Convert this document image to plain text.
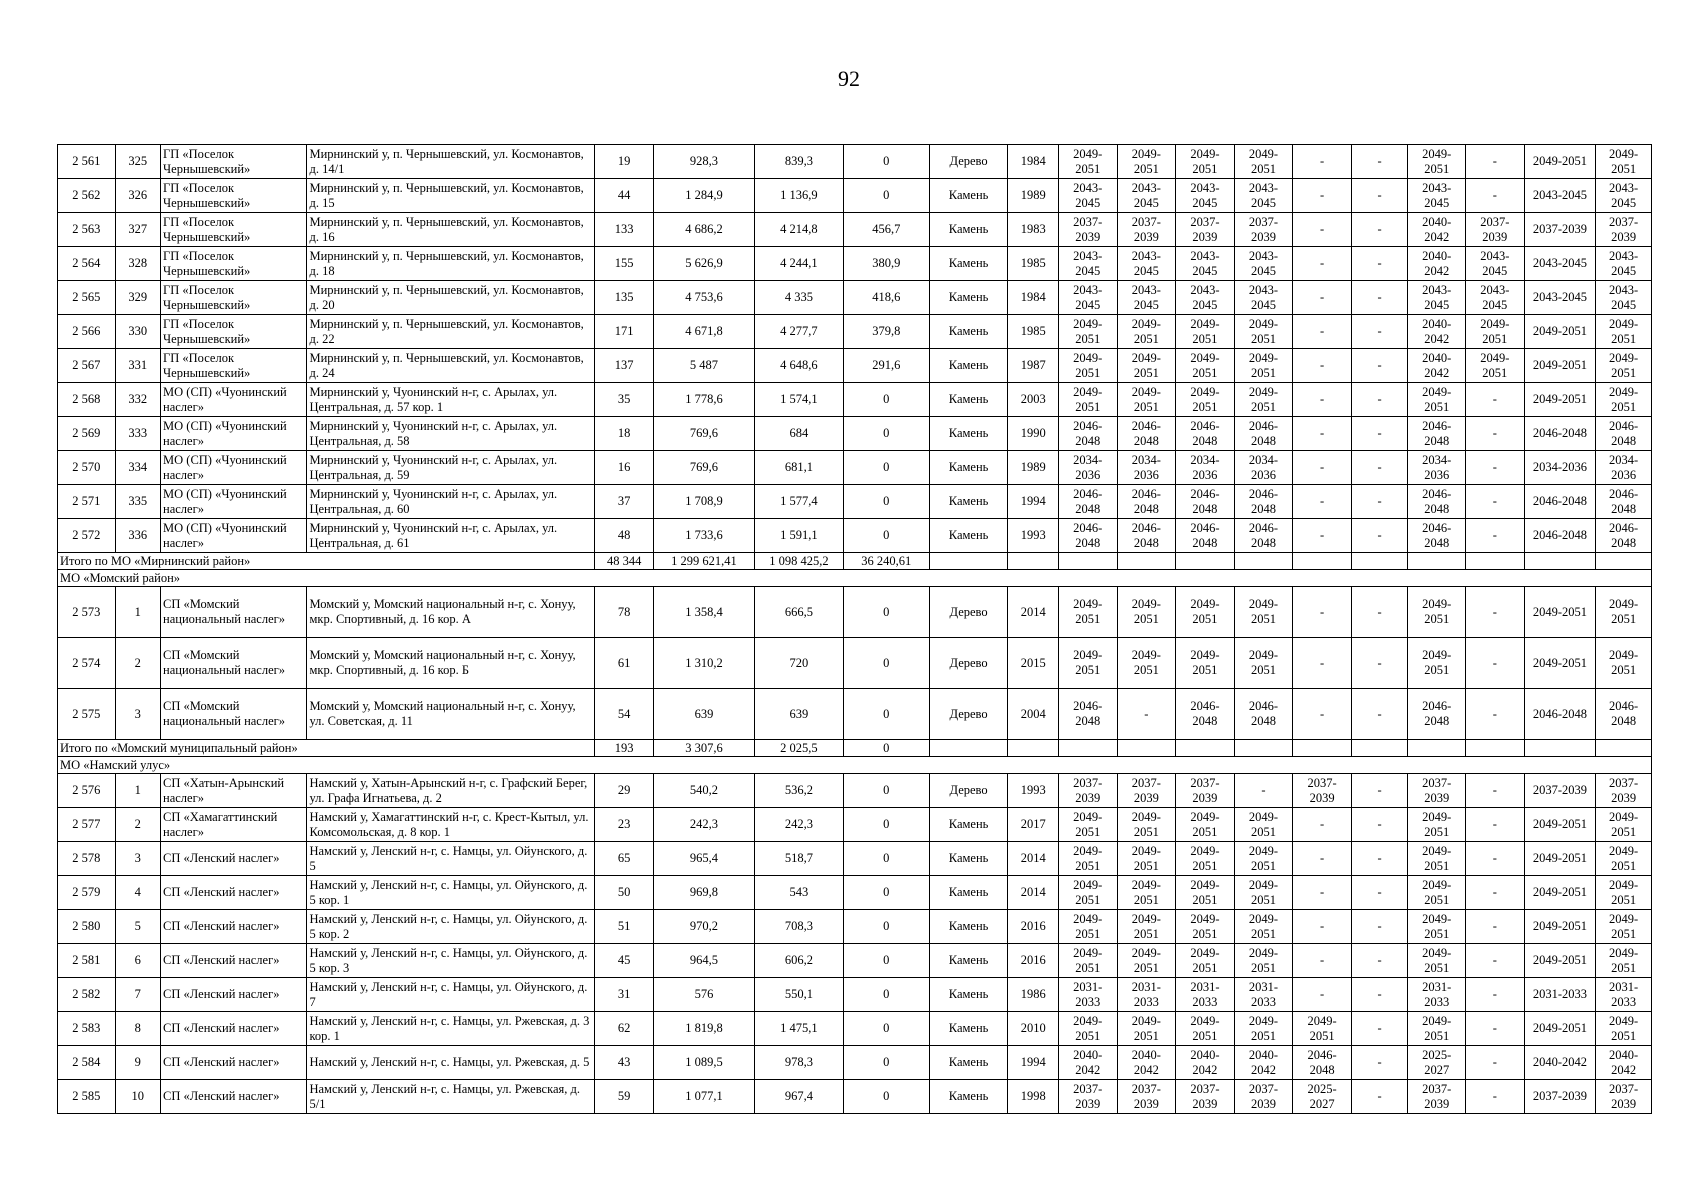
92
2 561	325	ГП «Поселок Чернышевский»	Мирнинский у, п. Чернышевский, ул. Космонавтов, д. 14/1	19	928,3	839,3	0	Дерево	1984	2049-2051	2049-2051	2049-2051	2049-2051	-	-	2049-2051	-	2049-2051	2049-2051
2 562	326	ГП «Поселок Чернышевский»	Мирнинский у, п. Чернышевский, ул. Космонавтов, д. 15	44	1 284,9	1 136,9	0	Камень	1989	2043-2045	2043-2045	2043-2045	2043-2045	-	-	2043-2045	-	2043-2045	2043-2045
2 563	327	ГП «Поселок Чернышевский»	Мирнинский у, п. Чернышевский, ул. Космонавтов, д. 16	133	4 686,2	4 214,8	456,7	Камень	1983	2037-2039	2037-2039	2037-2039	2037-2039	-	-	2040-2042	2037-2039	2037-2039	2037-2039
2 564	328	ГП «Поселок Чернышевский»	Мирнинский у, п. Чернышевский, ул. Космонавтов, д. 18	155	5 626,9	4 244,1	380,9	Камень	1985	2043-2045	2043-2045	2043-2045	2043-2045	-	-	2040-2042	2043-2045	2043-2045	2043-2045
2 565	329	ГП «Поселок Чернышевский»	Мирнинский у, п. Чернышевский, ул. Космонавтов, д. 20	135	4 753,6	4 335	418,6	Камень	1984	2043-2045	2043-2045	2043-2045	2043-2045	-	-	2043-2045	2043-2045	2043-2045	2043-2045
2 566	330	ГП «Поселок Чернышевский»	Мирнинский у, п. Чернышевский, ул. Космонавтов, д. 22	171	4 671,8	4 277,7	379,8	Камень	1985	2049-2051	2049-2051	2049-2051	2049-2051	-	-	2040-2042	2049-2051	2049-2051	2049-2051
2 567	331	ГП «Поселок Чернышевский»	Мирнинский у, п. Чернышевский, ул. Космонавтов, д. 24	137	5 487	4 648,6	291,6	Камень	1987	2049-2051	2049-2051	2049-2051	2049-2051	-	-	2040-2042	2049-2051	2049-2051	2049-2051
2 568	332	МО (СП) «Чуонинский наслег»	Мирнинский у, Чуонинский н-г, с. Арылах, ул. Центральная, д. 57 кор. 1	35	1 778,6	1 574,1	0	Камень	2003	2049-2051	2049-2051	2049-2051	2049-2051	-	-	2049-2051	-	2049-2051	2049-2051
2 569	333	МО (СП) «Чуонинский наслег»	Мирнинский у, Чуонинский н-г, с. Арылах, ул. Центральная, д. 58	18	769,6	684	0	Камень	1990	2046-2048	2046-2048	2046-2048	2046-2048	-	-	2046-2048	-	2046-2048	2046-2048
2 570	334	МО (СП) «Чуонинский наслег»	Мирнинский у, Чуонинский н-г, с. Арылах, ул. Центральная, д. 59	16	769,6	681,1	0	Камень	1989	2034-2036	2034-2036	2034-2036	2034-2036	-	-	2034-2036	-	2034-2036	2034-2036
2 571	335	МО (СП) «Чуонинский наслег»	Мирнинский у, Чуонинский н-г, с. Арылах, ул. Центральная, д. 60	37	1 708,9	1 577,4	0	Камень	1994	2046-2048	2046-2048	2046-2048	2046-2048	-	-	2046-2048	-	2046-2048	2046-2048
2 572	336	МО (СП) «Чуонинский наслег»	Мирнинский у, Чуонинский н-г, с. Арылах, ул. Центральная, д. 61	48	1 733,6	1 591,1	0	Камень	1993	2046-2048	2046-2048	2046-2048	2046-2048	-	-	2046-2048	-	2046-2048	2046-2048
Итого по МО «Мирнинский район»				48 344	1 299 621,41	1 098 425,2	36 240,61												
МО «Момский район»																			
2 573	1	СП «Момский национальный наслег»	Момский у, Момский национальный н-г, с. Хонуу, мкр. Спортивный, д. 16 кор. А	78	1 358,4	666,5	0	Дерево	2014	2049-2051	2049-2051	2049-2051	2049-2051	-	-	2049-2051	-	2049-2051	2049-2051
2 574	2	СП «Момский национальный наслег»	Момский у, Момский национальный н-г, с. Хонуу, мкр. Спортивный, д. 16 кор. Б	61	1 310,2	720	0	Дерево	2015	2049-2051	2049-2051	2049-2051	2049-2051	-	-	2049-2051	-	2049-2051	2049-2051
2 575	3	СП «Момский национальный наслег»	Момский у, Момский национальный н-г, с. Хонуу, ул. Советская, д. 11	54	639	639	0	Дерево	2004	2046-2048	-	2046-2048	2046-2048	-	-	2046-2048	-	2046-2048	2046-2048
Итого по «Момский муниципальный район»				193	3 307,6	2 025,5	0												
МО «Намский улус»																			
2 576	1	СП «Хатын-Арынский наслег»	Намский у, Хатын-Арынский н-г, с. Графский Берег, ул. Графа Игнатьева, д. 2	29	540,2	536,2	0	Дерево	1993	2037-2039	2037-2039	2037-2039	-	2037-2039	-	2037-2039	-	2037-2039	2037-2039
2 577	2	СП «Хамагаттинский наслег»	Намский у, Хамагаттинский н-г, с. Крест-Кытыл, ул. Комсомольская, д. 8 кор. 1	23	242,3	242,3	0	Камень	2017	2049-2051	2049-2051	2049-2051	2049-2051	-	-	2049-2051	-	2049-2051	2049-2051
2 578	3	СП «Ленский наслег»	Намский у, Ленский н-г, с. Намцы, ул. Ойунского, д. 5	65	965,4	518,7	0	Камень	2014	2049-2051	2049-2051	2049-2051	2049-2051	-	-	2049-2051	-	2049-2051	2049-2051
2 579	4	СП «Ленский наслег»	Намский у, Ленский н-г, с. Намцы, ул. Ойунского, д. 5 кор. 1	50	969,8	543	0	Камень	2014	2049-2051	2049-2051	2049-2051	2049-2051	-	-	2049-2051	-	2049-2051	2049-2051
2 580	5	СП «Ленский наслег»	Намский у, Ленский н-г, с. Намцы, ул. Ойунского, д. 5 кор. 2	51	970,2	708,3	0	Камень	2016	2049-2051	2049-2051	2049-2051	2049-2051	-	-	2049-2051	-	2049-2051	2049-2051
2 581	6	СП «Ленский наслег»	Намский у, Ленский н-г, с. Намцы, ул. Ойунского, д. 5 кор. 3	45	964,5	606,2	0	Камень	2016	2049-2051	2049-2051	2049-2051	2049-2051	-	-	2049-2051	-	2049-2051	2049-2051
2 582	7	СП «Ленский наслег»	Намский у, Ленский н-г, с. Намцы, ул. Ойунского, д. 7	31	576	550,1	0	Камень	1986	2031-2033	2031-2033	2031-2033	2031-2033	-	-	2031-2033	-	2031-2033	2031-2033
2 583	8	СП «Ленский наслег»	Намский у, Ленский н-г, с. Намцы, ул. Ржевская, д. 3 кор. 1	62	1 819,8	1 475,1	0	Камень	2010	2049-2051	2049-2051	2049-2051	2049-2051	2049-2051	-	2049-2051	-	2049-2051	2049-2051
2 584	9	СП «Ленский наслег»	Намский у, Ленский н-г, с. Намцы, ул. Ржевская, д. 5	43	1 089,5	978,3	0	Камень	1994	2040-2042	2040-2042	2040-2042	2040-2042	2046-2048	-	2025-2027	-	2040-2042	2040-2042
2 585	10	СП «Ленский наслег»	Намский у, Ленский н-г, с. Намцы, ул. Ржевская, д. 5/1	59	1 077,1	967,4	0	Камень	1998	2037-2039	2037-2039	2037-2039	2037-2039	2025-2027	-	2037-2039	-	2037-2039	2037-2039
